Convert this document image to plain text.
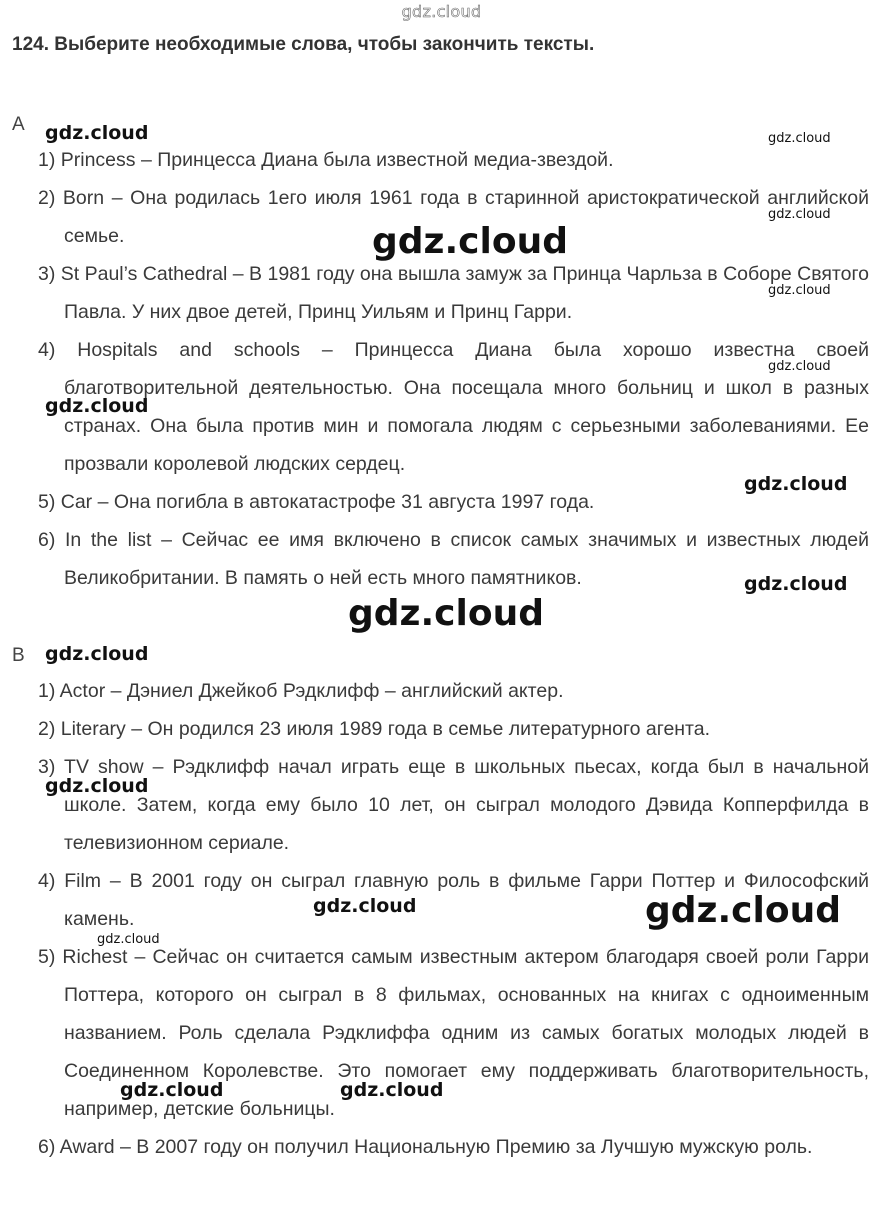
gdz.cloud
124. Выберите необходимые слова, чтобы закончить тексты.
A
1) Princess – Принцесса Диана была известной медиа-звездой.
2) Born – Она родилась 1его июля 1961 года в старинной аристократической английской семье.
3) St Paul’s Cathedral – В 1981 году она вышла замуж за Принца Чарльза в Соборе Святого Павла. У них двое детей, Принц Уильям и Принц Гарри.
4) Hospitals and schools – Принцесса Диана была хорошо известна своей благотворительной деятельностью. Она посещала много больниц и школ в разных странах. Она была против мин и помогала людям с серьезными заболеваниями. Ее прозвали королевой людских сердец.
5) Car – Она погибла в автокатастрофе 31 августа 1997 года.
6) In the list – Сейчас ее имя включено в список самых значимых и известных людей Великобритании. В память о ней есть много памятников.
B
1) Actor – Дэниел Джейкоб Рэдклифф – английский актер.
2) Literary – Он родился 23 июля 1989 года в семье литературного агента.
3) TV show – Рэдклифф начал играть еще в школьных пьесах, когда был в начальной школе. Затем, когда ему было 10 лет, он сыграл молодого Дэвида Копперфилда в телевизионном сериале.
4) Film – В 2001 году он сыграл главную роль в фильме Гарри Поттер и Философский камень.
5) Richest – Сейчас он считается самым известным актером благодаря своей роли Гарри Поттера, которого он сыграл в 8 фильмах, основанных на книгах с одноименным названием. Роль сделала Рэдклиффа одним из самых богатых молодых людей в Соединенном Королевстве. Это помогает ему поддерживать благотворительность, например, детские больницы.
6) Award – В 2007 году он получил Национальную Премию за Лучшую мужскую роль.
gdz.cloud	gdz.cloud
gdz.cloud
gdz.cloud
gdz.cloud
gdz.cloud
gdz.cloud
gdz.cloud
gdz.cloud
gdz.cloud
gdz.cloud
gdz.cloud
gdz.cloud	gdz.cloud
gdz.cloud
gdz.cloud	gdz.cloud
